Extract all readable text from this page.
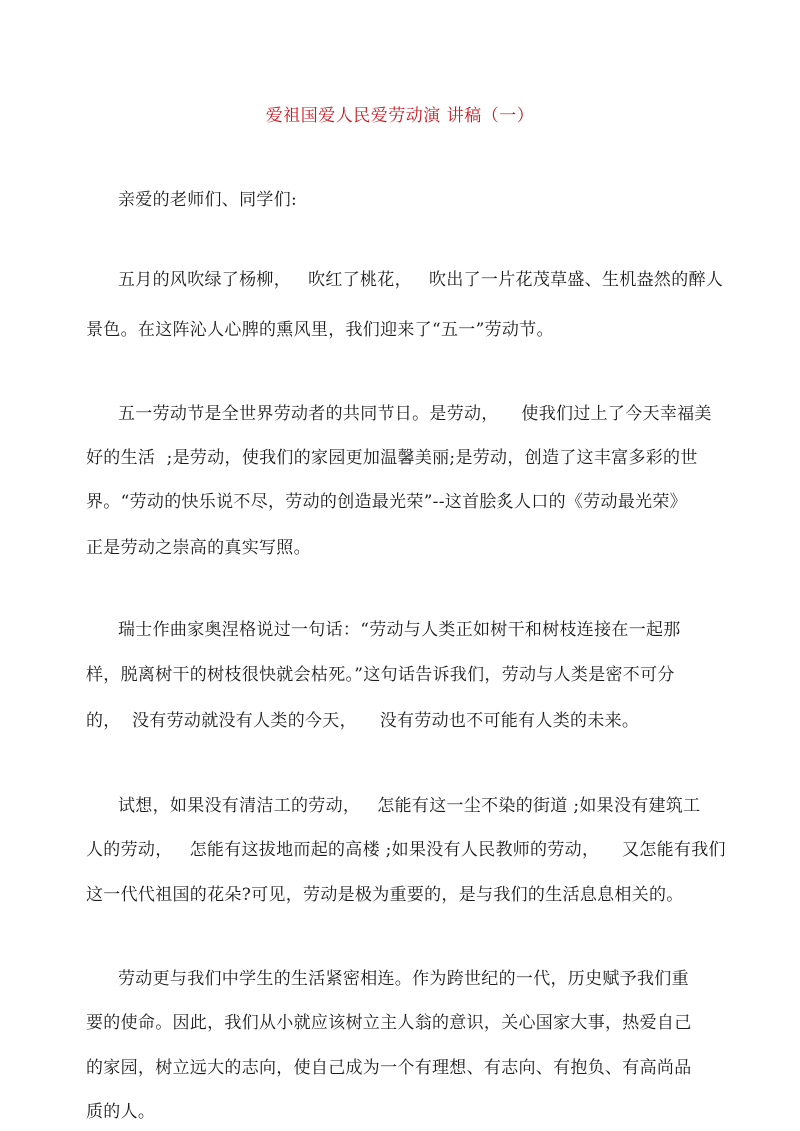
爱祖国爱人民爱劳动演 讲稿（一）
亲爱的老师们、同学们:
五月的风吹绿了杨柳，   吹红了桃花，   吹出了一片花茂草盛、生机盎然的醉人
景色。在这阵沁人心脾的熏风里，我们迎来了“五一”劳动节。
五一劳动节是全世界劳动者的共同节日。是劳动，    使我们过上了今天幸福美
好的生活  ;是劳动，使我们的家园更加温馨美丽;是劳动，创造了这丰富多彩的世
界。“劳动的快乐说不尽，劳动的创造最光荣”--这首脍炙人口的《劳动最光荣》
正是劳动之崇高的真实写照。
瑞士作曲家奥涅格说过一句话：“劳动与人类正如树干和树枝连接在一起那
样，脱离树干的树枝很快就会枯死。”这句话告诉我们，劳动与人类是密不可分
的，  没有劳动就没有人类的今天，    没有劳动也不可能有人类的未来。
试想，如果没有清洁工的劳动，   怎能有这一尘不染的街道 ;如果没有建筑工
人的劳动，   怎能有这拔地而起的高楼 ;如果没有人民教师的劳动，    又怎能有我们
这一代代祖国的花朵?可见，劳动是极为重要的，是与我们的生活息息相关的。
劳动更与我们中学生的生活紧密相连。作为跨世纪的一代，历史赋予我们重
要的使命。因此，我们从小就应该树立主人翁的意识，关心国家大事，热爱自己
的家园，树立远大的志向，使自己成为一个有理想、有志向、有抱负、有高尚品
质的人。
